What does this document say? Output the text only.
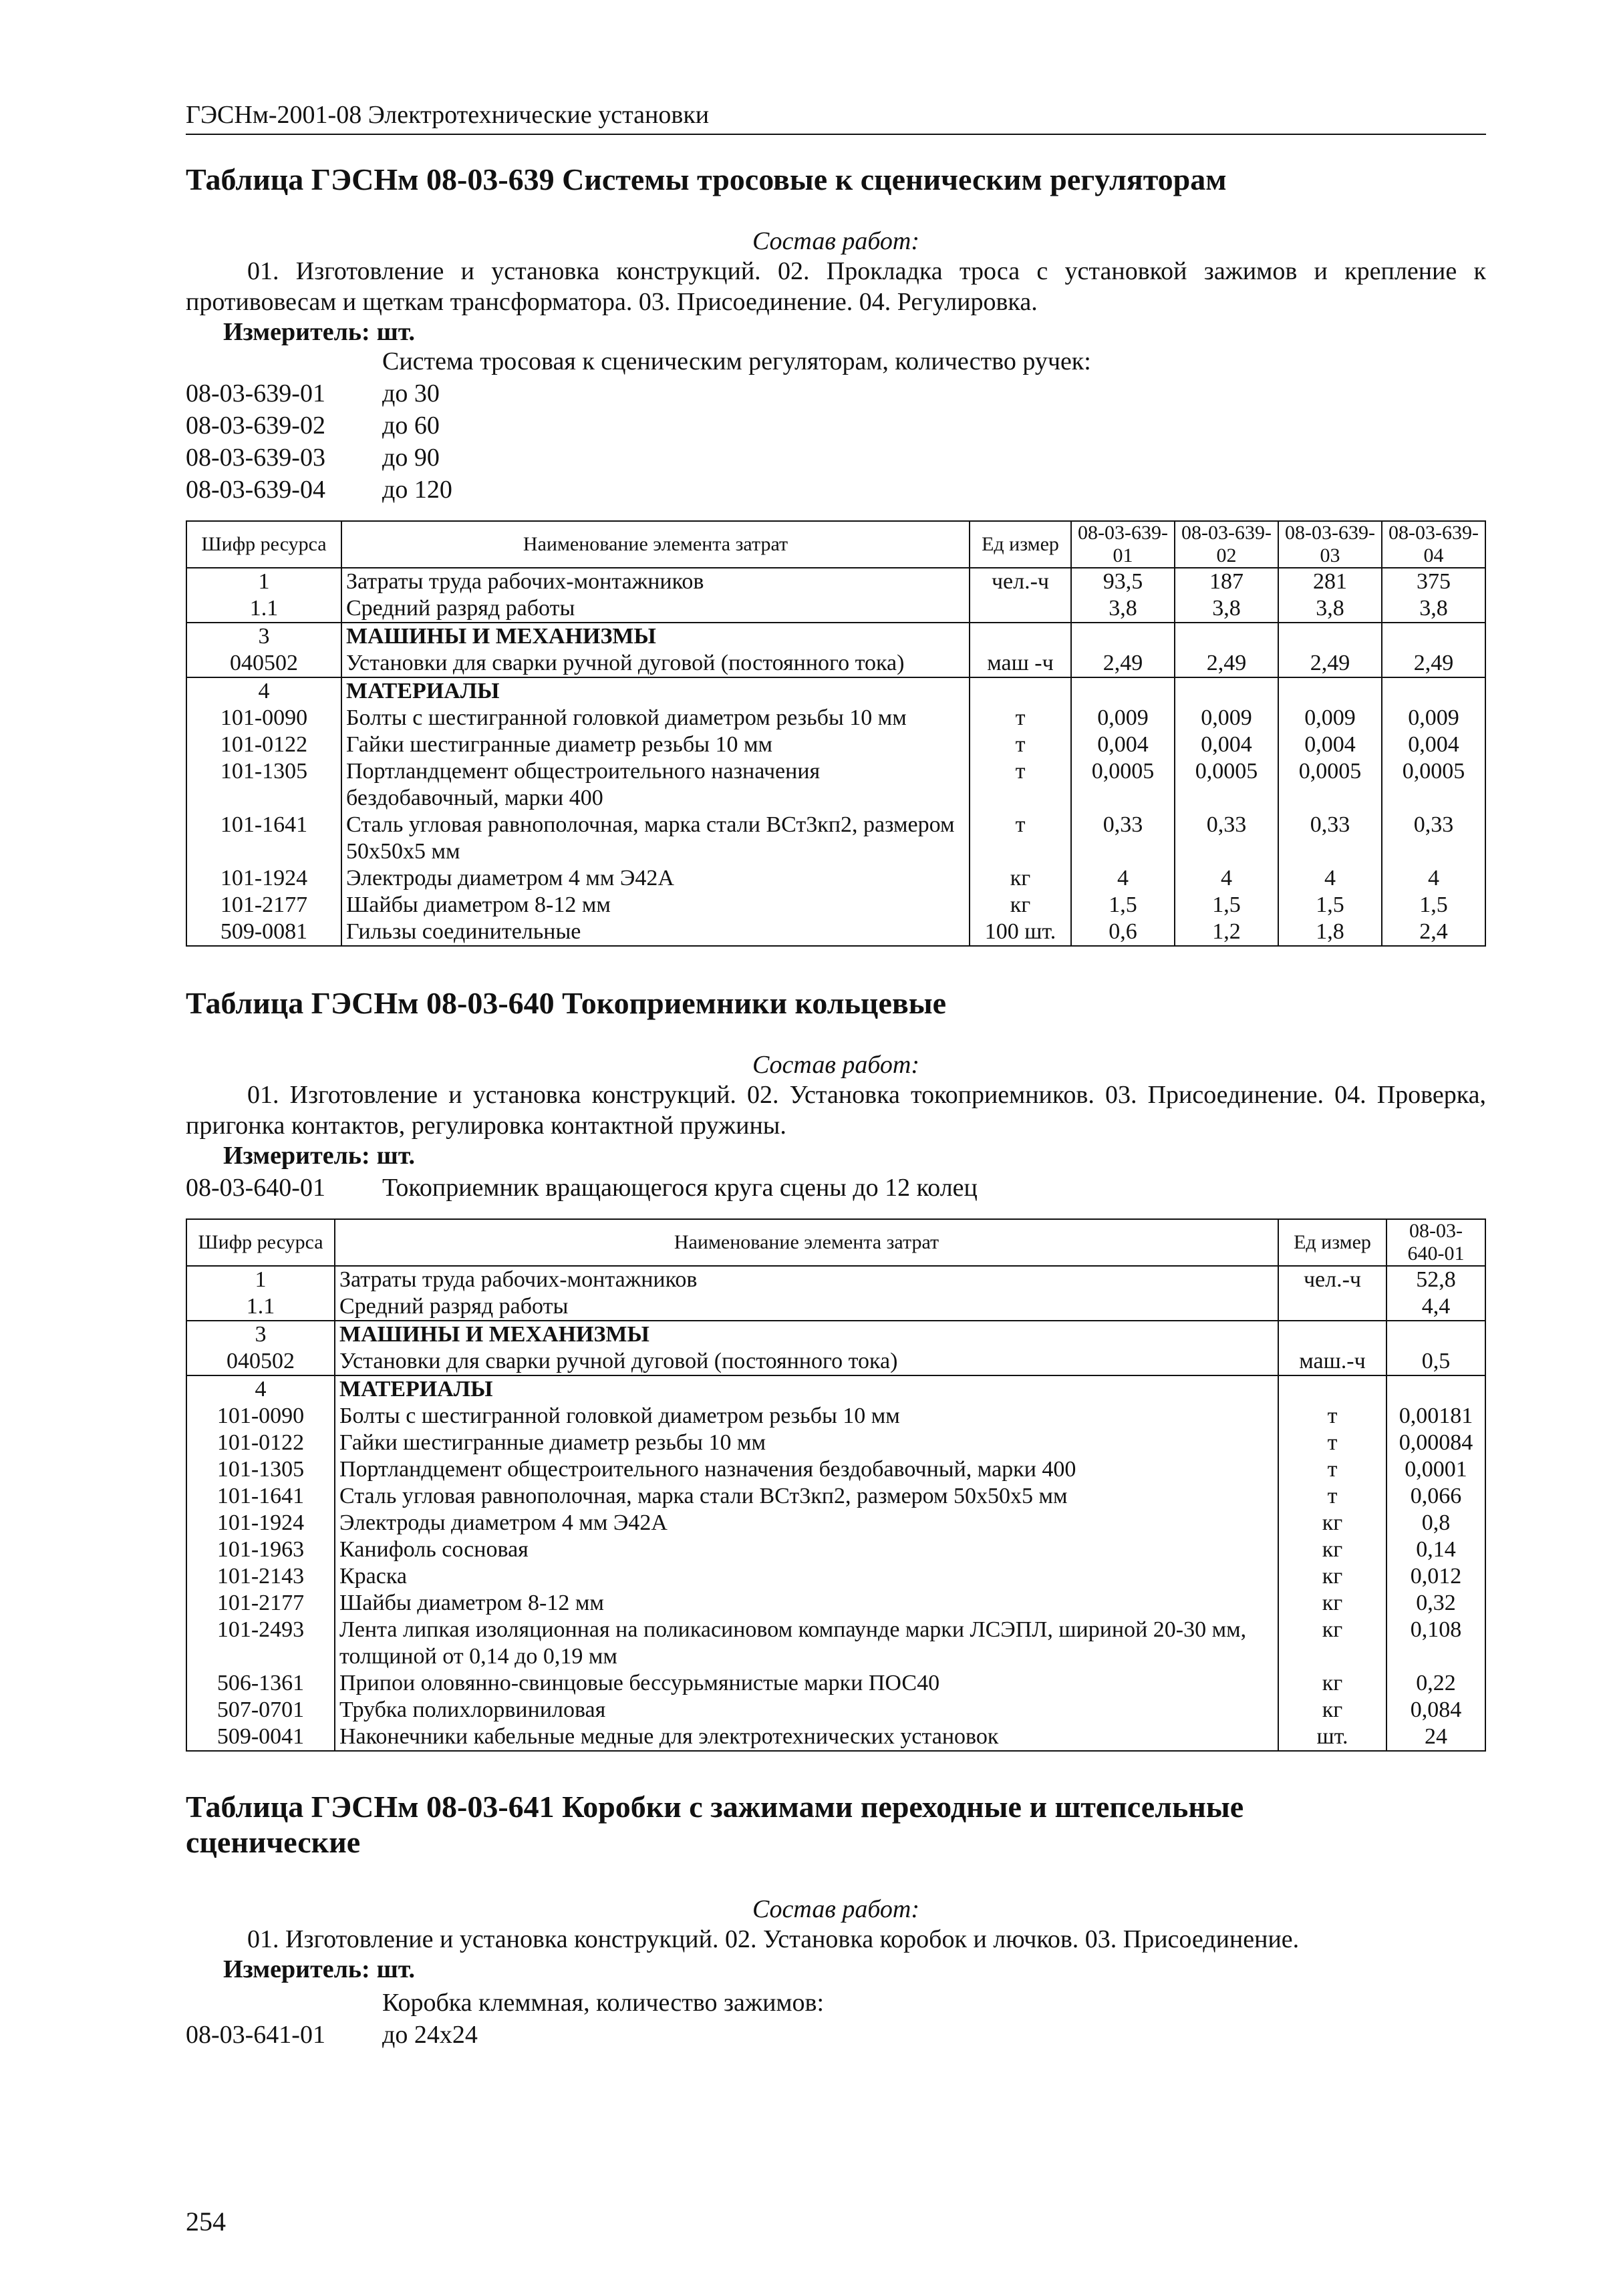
ГЭСНм-2001-08 Электротехнические установки
Таблица ГЭСНм 08-03-639 Системы тросовые к сценическим регуляторам
Состав работ:
01. Изготовление и установка конструкций. 02. Прокладка троса с установкой зажимов и крепление к противовесам и щеткам трансформатора. 03. Присоединение. 04. Регулировка.
Измеритель: шт.
Система тросовая к сценическим регуляторам, количество ручек:
08-03-639-01	до 30
08-03-639-02	до 60
08-03-639-03	до 90
08-03-639-04	до 120
Шифр ресурса	Наименование элемента затрат	Ед измер	08-03-639-01	08-03-639-02	08-03-639-03	08-03-639-04
1	Затраты труда рабочих-монтажников	чел.-ч	93,5	187	281	375
1.1	Средний разряд работы		3,8	3,8	3,8	3,8
3	МАШИНЫ И МЕХАНИЗМЫ					
040502	Установки для сварки ручной дуговой (постоянного тока)	маш -ч	2,49	2,49	2,49	2,49
4	МАТЕРИАЛЫ					
101-0090	Болты с шестигранной головкой диаметром резьбы 10 мм	т	0,009	0,009	0,009	0,009
101-0122	Гайки шестигранные диаметр резьбы 10 мм	т	0,004	0,004	0,004	0,004
101-1305	Портландцемент общестроительного назначения бездобавочный, марки 400	т	0,0005	0,0005	0,0005	0,0005
101-1641	Сталь угловая равнополочная, марка стали ВСт3кп2, размером 50х50х5 мм	т	0,33	0,33	0,33	0,33
101-1924	Электроды диаметром 4 мм Э42А	кг	4	4	4	4
101-2177	Шайбы диаметром 8-12 мм	кг	1,5	1,5	1,5	1,5
509-0081	Гильзы соединительные	100 шт.	0,6	1,2	1,8	2,4
Таблица ГЭСНм 08-03-640 Токоприемники кольцевые
Состав работ:
01. Изготовление и установка конструкций. 02. Установка токоприемников. 03. Присоединение. 04. Проверка, пригонка контактов, регулировка контактной пружины.
Измеритель: шт.
08-03-640-01	Токоприемник вращающегося круга сцены до 12 колец
Шифр ресурса	Наименование элемента затрат	Ед измер	08-03-640-01
1	Затраты труда рабочих-монтажников	чел.-ч	52,8
1.1	Средний разряд работы		4,4
3	МАШИНЫ И МЕХАНИЗМЫ		
040502	Установки для сварки ручной дуговой (постоянного тока)	маш.-ч	0,5
4	МАТЕРИАЛЫ		
101-0090	Болты с шестигранной головкой диаметром резьбы 10 мм	т	0,00181
101-0122	Гайки шестигранные диаметр резьбы 10 мм	т	0,00084
101-1305	Портландцемент общестроительного назначения бездобавочный, марки 400	т	0,0001
101-1641	Сталь угловая равнополочная, марка стали ВСт3кп2, размером 50х50х5 мм	т	0,066
101-1924	Электроды диаметром 4 мм Э42А	кг	0,8
101-1963	Канифоль сосновая	кг	0,14
101-2143	Краска	кг	0,012
101-2177	Шайбы диаметром 8-12 мм	кг	0,32
101-2493	Лента липкая изоляционная на поликасиновом компаунде марки ЛСЭПЛ, шириной 20-30 мм, толщиной от 0,14 до 0,19 мм	кг	0,108
506-1361	Припои оловянно-свинцовые бессурьмянистые марки ПОС40	кг	0,22
507-0701	Трубка полихлорвиниловая	кг	0,084
509-0041	Наконечники кабельные медные для электротехнических установок	шт.	24
Таблица ГЭСНм 08-03-641 Коробки с зажимами переходные и штепсельные сценические
Состав работ:
01. Изготовление и установка конструкций. 02. Установка коробок и лючков. 03. Присоединение.
Измеритель: шт.
Коробка клеммная, количество зажимов:
08-03-641-01	до 24х24
254
